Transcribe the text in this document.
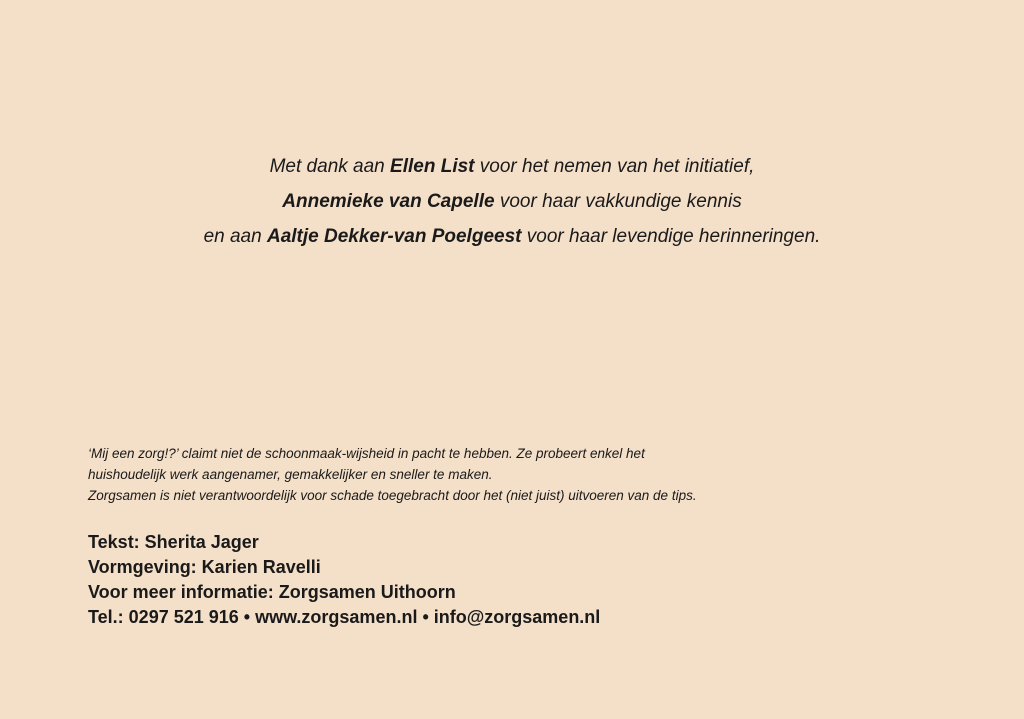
Met dank aan Ellen List voor het nemen van het initiatief,
Annemieke van Capelle voor haar vakkundige kennis
en aan Aaltje Dekker-van Poelgeest voor haar levendige herinneringen.
‘Mij een zorg!?’ claimt niet de schoonmaak-wijsheid in pacht te hebben. Ze probeert enkel het
huishoudelijk werk aangenamer, gemakkelijker en sneller te maken.
Zorgsamen is niet verantwoordelijk voor schade toegebracht door het (niet juist) uitvoeren van de tips.
Tekst: Sherita Jager
Vormgeving: Karien Ravelli
Voor meer informatie: Zorgsamen Uithoorn
Tel.: 0297 521 916 • www.zorgsamen.nl • info@zorgsamen.nl
